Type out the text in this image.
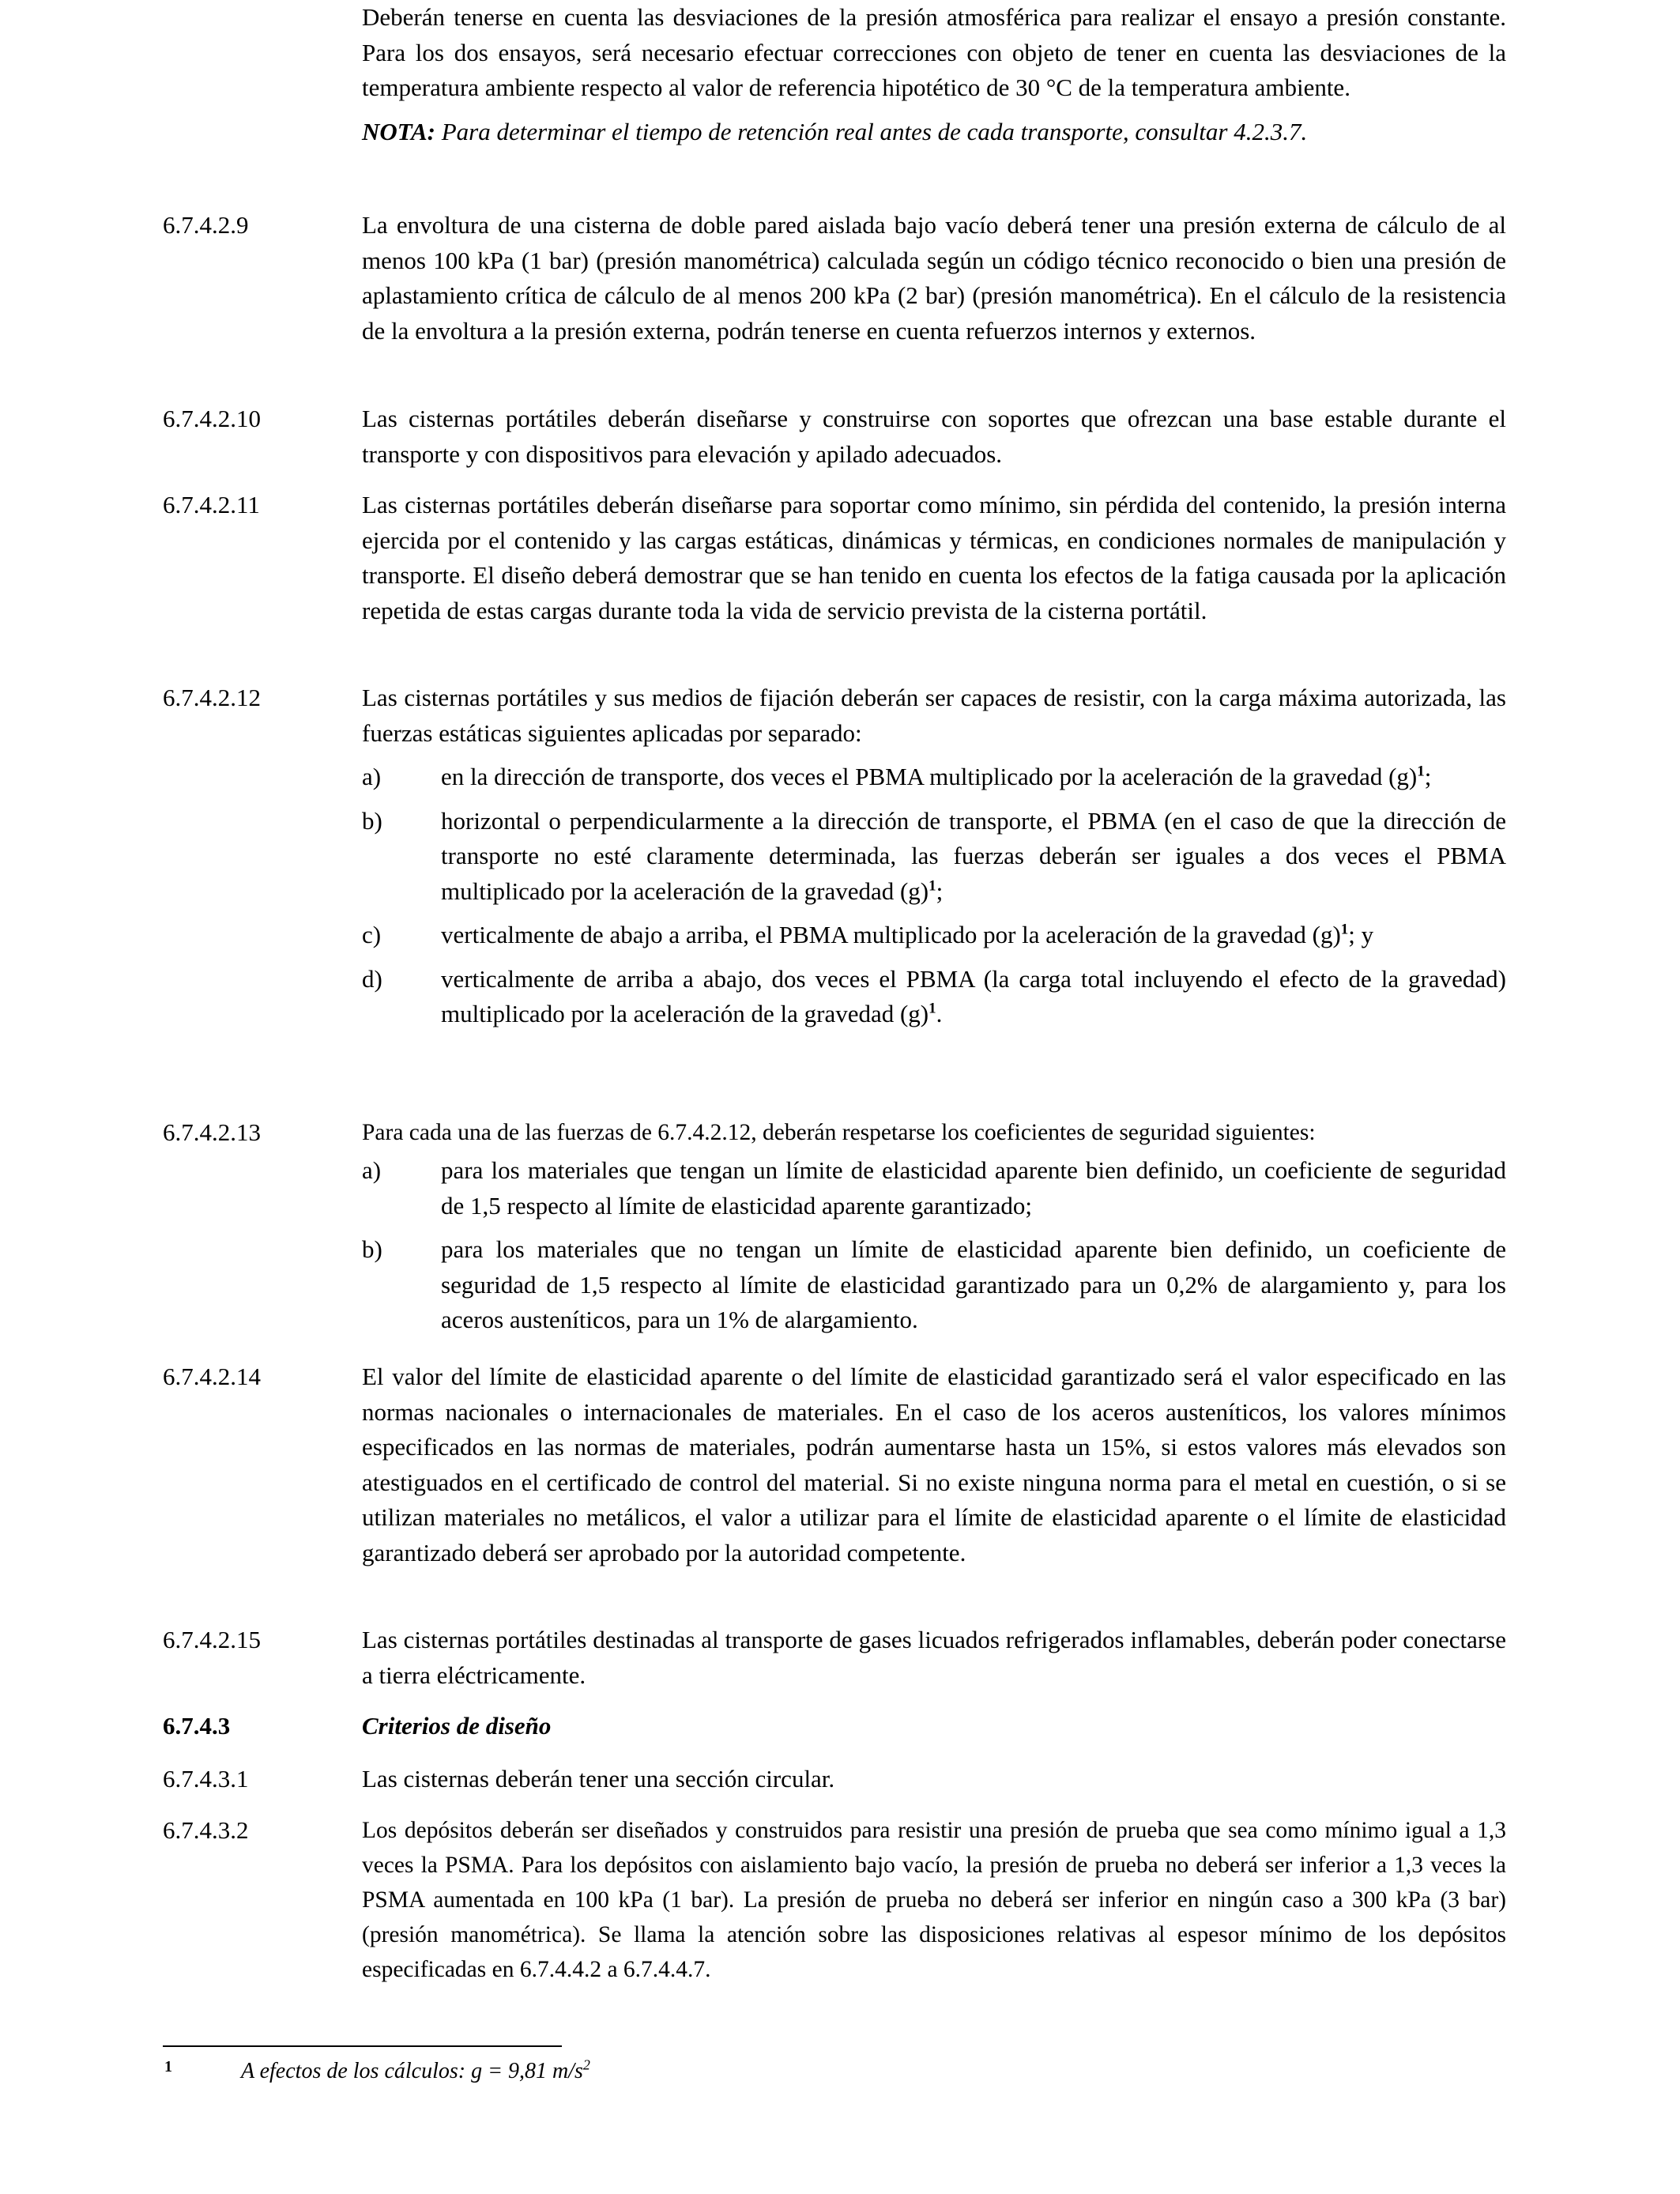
Deberán tenerse en cuenta las desviaciones de la presión atmosférica para realizar el ensayo a presión constante. Para los dos ensayos, será necesario efectuar correcciones con objeto de tener en cuenta las desviaciones de la temperatura ambiente respecto al valor de referencia hipotético de 30 °C de la temperatura ambiente.
NOTA: Para determinar el tiempo de retención real antes de cada transporte, consultar 4.2.3.7.
6.7.4.2.9	La envoltura de una cisterna de doble pared aislada bajo vacío deberá tener una presión externa de cálculo de al menos 100 kPa (1 bar) (presión manométrica) calculada según un código técnico reconocido o bien una presión de aplastamiento crítica de cálculo de al menos 200 kPa (2 bar) (presión manométrica). En el cálculo de la resistencia de la envoltura a la presión externa, podrán tenerse en cuenta refuerzos internos y externos.
6.7.4.2.10	Las cisternas portátiles deberán diseñarse y construirse con soportes que ofrezcan una base estable durante el transporte y con dispositivos para elevación y apilado adecuados.
6.7.4.2.11	Las cisternas portátiles deberán diseñarse para soportar como mínimo, sin pérdida del contenido, la presión interna ejercida por el contenido y las cargas estáticas, dinámicas y térmicas, en condiciones normales de manipulación y transporte. El diseño deberá demostrar que se han tenido en cuenta los efectos de la fatiga causada por la aplicación repetida de estas cargas durante toda la vida de servicio prevista de la cisterna portátil.
6.7.4.2.12	Las cisternas portátiles y sus medios de fijación deberán ser capaces de resistir, con la carga máxima autorizada, las fuerzas estáticas siguientes aplicadas por separado:
a) en la dirección de transporte, dos veces el PBMA multiplicado por la aceleración de la gravedad $(g)^1$;
b) horizontal o perpendicularmente a la dirección de transporte, el PBMA (en el caso de que la dirección de transporte no esté claramente determinada, las fuerzas deberán ser iguales a dos veces el PBMA multiplicado por la aceleración de la gravedad $(g)^1$;
c) verticalmente de abajo a arriba, el PBMA multiplicado por la aceleración de la gravedad $(g)^1$; y
d) verticalmente de arriba a abajo, dos veces el PBMA (la carga total incluyendo el efecto de la gravedad) multiplicado por la aceleración de la gravedad $(g)^1$.
6.7.4.2.13	Para cada una de las fuerzas de 6.7.4.2.12, deberán respetarse los coeficientes de seguridad siguientes:
a) para los materiales que tengan un límite de elasticidad aparente bien definido, un coeficiente de seguridad de 1,5 respecto al límite de elasticidad aparente garantizado;
b) para los materiales que no tengan un límite de elasticidad aparente bien definido, un coeficiente de seguridad de 1,5 respecto al límite de elasticidad garantizado para un 0,2% de alargamiento y, para los aceros austeníticos, para un 1% de alargamiento.
6.7.4.2.14	El valor del límite de elasticidad aparente o del límite de elasticidad garantizado será el valor especificado en las normas nacionales o internacionales de materiales. En el caso de los aceros austeníticos, los valores mínimos especificados en las normas de materiales, podrán aumentarse hasta un 15%, si estos valores más elevados son atestiguados en el certificado de control del material. Si no existe ninguna norma para el metal en cuestión, o si se utilizan materiales no metálicos, el valor a utilizar para el límite de elasticidad aparente o el límite de elasticidad garantizado deberá ser aprobado por la autoridad competente.
6.7.4.2.15	Las cisternas portátiles destinadas al transporte de gases licuados refrigerados inflamables, deberán poder conectarse a tierra eléctricamente.
6.7.4.3	Criterios de diseño
6.7.4.3.1	Las cisternas deberán tener una sección circular.
6.7.4.3.2	Los depósitos deberán ser diseñados y construidos para resistir una presión de prueba que sea como mínimo igual a 1,3 veces la PSMA. Para los depósitos con aislamiento bajo vacío, la presión de prueba no deberá ser inferior a 1,3 veces la PSMA aumentada en 100 kPa (1 bar). La presión de prueba no deberá ser inferior en ningún caso a 300 kPa (3 bar) (presión manométrica). Se llama la atención sobre las disposiciones relativas al espesor mínimo de los depósitos especificadas en 6.7.4.4.2 a 6.7.4.4.7.
1	A efectos de los cálculos: g = 9,81 $m/s^2$
